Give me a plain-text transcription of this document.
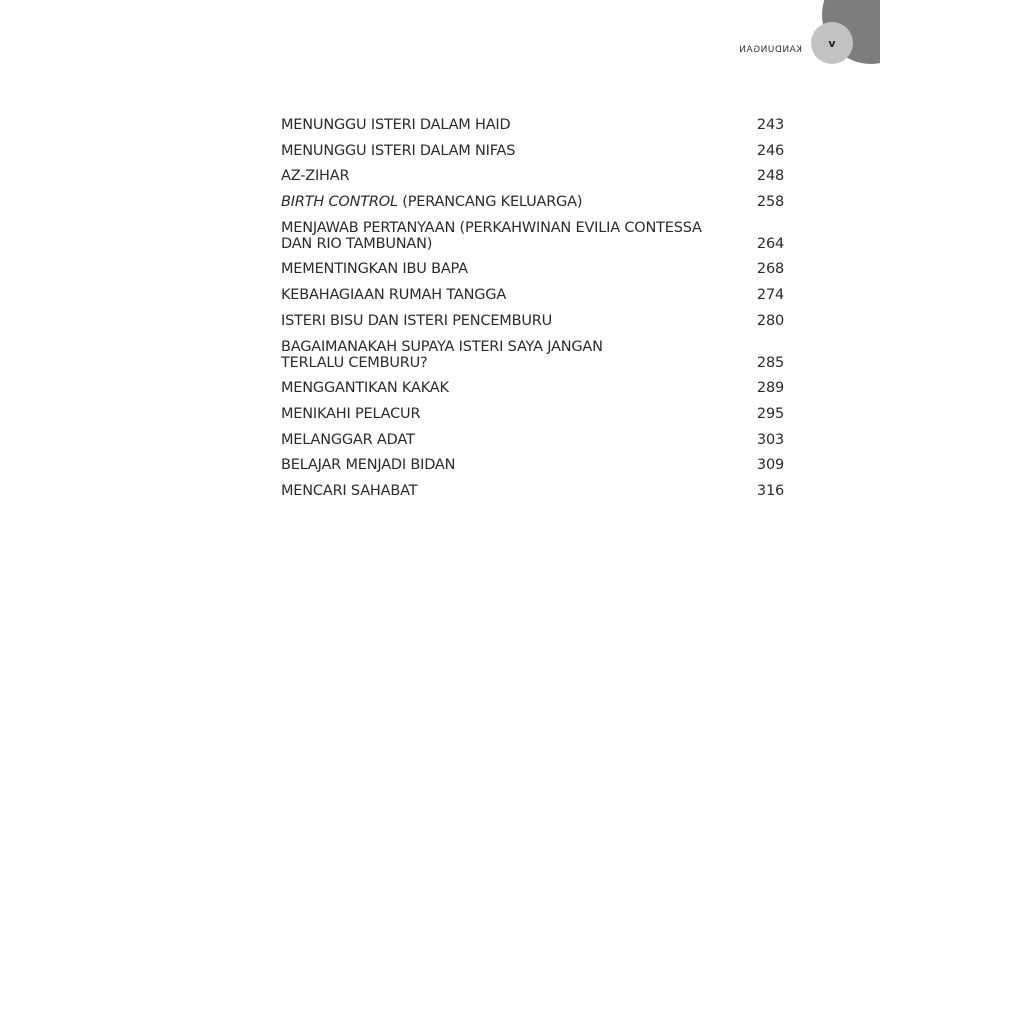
KANDUNGAN
v
MENUNGGU ISTERI DALAM HAID	243
MENUNGGU ISTERI DALAM NIFAS	246
AZ-ZIHAR	248
BIRTH CONTROL (PERANCANG KELUARGA)	258
MENJAWAB PERTANYAAN (PERKAHWINAN EVILIA CONTESSA DAN RIO TAMBUNAN)	264
MEMENTINGKAN IBU BAPA	268
KEBAHAGIAAN RUMAH TANGGA	274
ISTERI BISU DAN ISTERI PENCEMBURU	280
BAGAIMANAKAH SUPAYA ISTERI SAYA JANGAN TERLALU CEMBURU?	285
MENGGANTIKAN KAKAK	289
MENIKAHI PELACUR	295
MELANGGAR ADAT	303
BELAJAR MENJADI BIDAN	309
MENCARI SAHABAT	316
